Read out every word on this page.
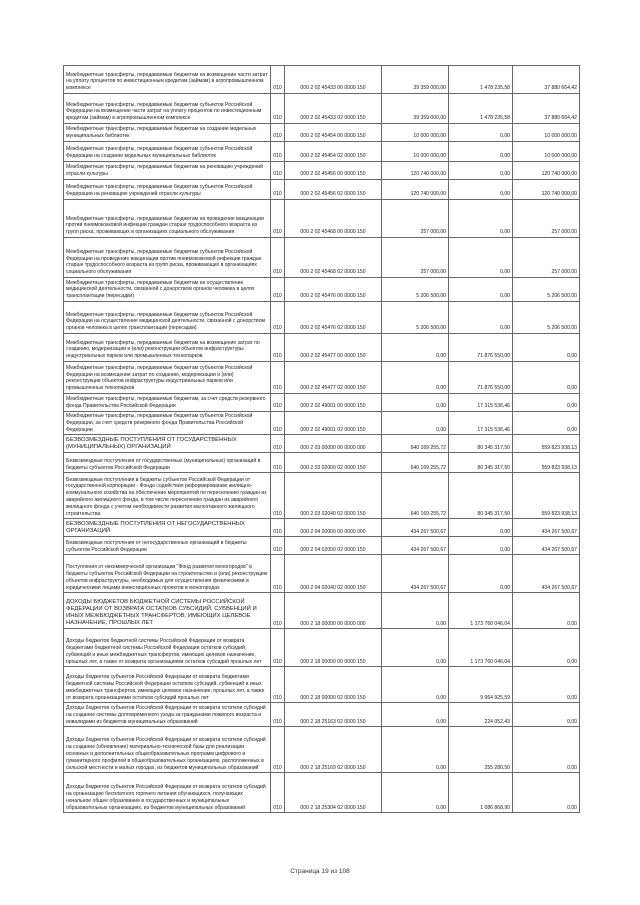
Межбюджетные трансферты, передаваемые бюджетам на возмещение части затрат на уплату процентов по инвестиционным кредитам (займам) в агропромышленном комплексе	010	000 2 02 45433 00 0000 150	39 359 000,00	1 478 235,58	37 880 664,42
Межбюджетные трансферты, передаваемые бюджетам субъектов Российской Федерации на возмещение части затрат на уплату процентов по инвестиционным кредитам (займам) в агропромышленном комплексе	010	000 2 02 45433 02 0000 150	39 359 000,00	1 478 235,58	37 880 664,42
Межбюджетные трансферты, передаваемые бюджетам на создание модельных муниципальных библиотек	010	000 2 02 45454 00 0000 150	10 000 000,00	0,00	10 000 000,00
Межбюджетные трансферты, передаваемые бюджетам субъектов Российской Федерации на создание модельных муниципальных библиотек	010	000 2 02 45454 02 0000 150	10 000 000,00	0,00	10 000 000,00
Межбюджетные трансферты, передаваемые бюджетам на реновацию учреждений отрасли культуры	010	000 2 02 45456 00 0000 150	120 740 000,00	0,00	120 740 000,00
Межбюджетные трансферты, передаваемые бюджетам субъектов Российской Федерации на реновацию учреждений отрасли культуры	010	000 2 02 45456 02 0000 150	120 740 000,00	0,00	120 740 000,00
Межбюджетные трансферты, передаваемые бюджетам на проведение вакцинации против пневмококковой инфекции граждан старше трудоспособного возраста из групп риска, проживающих в организациях социального обслуживания	010	000 2 02 45468 00 0000 150	257 000,00	0,00	257 000,00
Межбюджетные трансферты, передаваемые бюджетам субъектов Российской Федерации на проведение вакцинации против пневмококковой инфекции граждан старше трудоспособного возраста из групп риска, проживающих в организациях социального обслуживания	010	000 2 02 45468 02 0000 150	257 000,00	0,00	257 000,00
Межбюджетные трансферты, передаваемые бюджетам на осуществление медицинской деятельности, связанной с донорством органов человека в целях трансплантации (пересадки)	010	000 2 02 45476 00 0000 150	5 206 500,00	0,00	5 206 500,00
Межбюджетные трансферты, передаваемые бюджетам субъектов Российской Федерации на осуществление медицинской деятельности, связанной с донорством органов человека в целях трансплантации (пересадки)	010	000 2 02 45476 02 0000 150	5 206 500,00	0,00	5 206 500,00
Межбюджетные трансферты, передаваемые бюджетам на возмещение затрат по созданию, модернизации и (или) реконструкции объектов инфраструктуры индустриальных парков или промышленных технопарков	010	000 2 02 45477 00 0000 150	0,00	71 876 550,00	0,00
Межбюджетные трансферты, передаваемые бюджетам субъектов Российской Федерации на возмещение затрат по созданию, модернизации и (или) реконструкции объектов инфраструктуры индустриальных парков или промышленных технопарков	010	000 2 02 45477 02 0000 150	0,00	71 876 550,00	0,00
Межбюджетные трансферты, передаваемые бюджетам, за счет средств резервного фонда Правительства Российской Федерации	010	000 2 02 49001 00 0000 150	0,00	17 315 536,46	0,00
Межбюджетные трансферты, передаваемые бюджетам субъектов Российской Федерации, за счет средств резервного фонда Правительства Российской Федерации	010	000 2 02 49001 02 0000 150	0,00	17 315 536,46	0,00
БЕЗВОЗМЕЗДНЫЕ ПОСТУПЛЕНИЯ ОТ ГОСУДАРСТВЕННЫХ (МУНИЦИПАЛЬНЫХ) ОРГАНИЗАЦИЙ	010	000 2 03 00000 00 0000 000	640 169 255,72	80 345 317,50	559 823 938,13
Безвозмездные поступления от государственных (муниципальных) организаций в бюджеты субъектов Российской Федерации	010	000 2 03 02000 02 0000 150	640 169 255,72	80 345 317,50	559 823 938,13
Безвозмездные поступления в бюджеты субъектов Российской Федерации от государственной корпорации - Фонда содействия реформированию жилищно-коммунального хозяйства на обеспечение мероприятий по переселению граждан из аварийного жилищного фонда, в том числе переселению граждан из аварийного жилищного фонда с учетом необходимости развития малоэтажного жилищного строительства	010	000 2 03 02040 02 0000 150	640 169 255,72	80 345 317,50	559 823 938,13
БЕЗВОЗМЕЗДНЫЕ ПОСТУПЛЕНИЯ ОТ НЕГОСУДАРСТВЕННЫХ ОРГАНИЗАЦИЙ	010	000 2 04 00000 00 0000 000	434 267 500,67	0,00	434 267 500,67
Безвозмездные поступления от негосударственных организаций в бюджеты субъектов Российской Федерации	010	000 2 04 02000 02 0000 150	434 267 500,67	0,00	434 267 500,67
Поступления от некоммерческой организации "Фонд развития моногородов" в бюджеты субъектов Российской Федерации на строительство и (или) реконструкцию объектов инфраструктуры, необходимых для осуществления физическими и юридическими лицами инвестиционных проектов в моногородах	010	000 2 04 02040 02 0000 150	434 267 500,67	0,00	434 267 500,67
ДОХОДЫ БЮДЖЕТОВ БЮДЖЕТНОЙ СИСТЕМЫ РОССИЙСКОЙ ФЕДЕРАЦИИ ОТ ВОЗВРАТА ОСТАТКОВ СУБСИДИЙ, СУБВЕНЦИЙ И ИНЫХ МЕЖБЮДЖЕТНЫХ ТРАНСФЕРТОВ, ИМЕЮЩИХ ЦЕЛЕВОЕ НАЗНАЧЕНИЕ, ПРОШЛЫХ ЛЕТ	010	000 2 18 00000 00 0000 000	0,00	1 173 760 046,04	0,00
Доходы бюджетов бюджетной системы Российской Федерации от возврата бюджетами бюджетной системы Российской Федерации остатков субсидий, субвенций и иных межбюджетных трансфертов, имеющих целевое назначение, прошлых лет, а также от возврата организациями остатков субсидий прошлых лет	010	000 2 18 00000 00 0000 150	0,00	1 173 760 046,04	0,00
Доходы бюджетов субъектов Российской Федерации от возврата бюджетами бюджетной системы Российской Федерации остатков субсидий, субвенций и иных межбюджетных трансфертов, имеющих целевое назначение, прошлых лет, а также от возврата организациями остатков субсидий прошлых лет	010	000 2 18 00000 02 0000 150	0,00	9 964 925,59	0,00
Доходы бюджетов субъектов Российской Федерации от возврата остатков субсидий на создание системы долговременного ухода за гражданами пожилого возраста и инвалидами из бюджетов муниципальных образований	010	000 2 18 25163 02 0000 150	0,00	224 052,43	0,00
Доходы бюджетов субъектов Российской Федерации от возврата остатков субсидий на создание (обновление) материально-технической базы для реализации основных и дополнительных общеобразовательных программ цифрового и гуманитарного профилей в общеобразовательных организациях, расположенных в сельской местности и малых городах, из бюджетов муниципальных образований	010	000 2 18 25169 02 0000 150	0,00	255 280,50	0,00
Доходы бюджетов субъектов Российской Федерации от возврата остатков субсидий на организацию бесплатного горячего питания обучающихся, получающих начальное общее образование в государственных и муниципальных образовательных организациях, из бюджетов муниципальных образований	010	000 2 18 25304 02 0000 150	0,00	1 086 868,90	0,00
Страница 19 из 108
